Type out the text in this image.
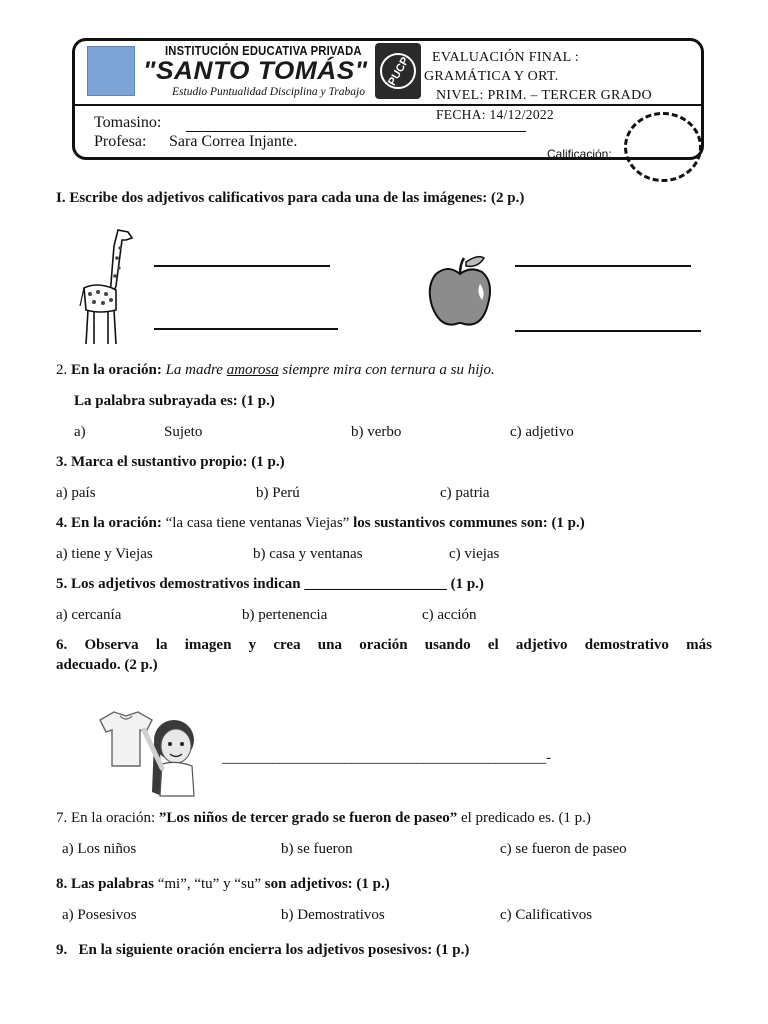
INSTITUCIÓN EDUCATIVA PRIVADA
"SANTO TOMÁS"
Estudio Puntualidad Disciplina y Trabajo
PUCP EVALUACIÓN FINAL :
GRAMÁTICA Y ORT.
NIVEL: PRIM. – TERCER GRADO
FECHA: 14/12/2022
Tomasino:
Profesa: Sara Correa Injante.
Calificación:
I. Escribe dos adjetivos calificativos para cada una de las imágenes: (2 p.)
2. En la oración: La madre amorosa siempre mira con ternura a su hijo.
La palabra subrayada es: (1 p.)
a)	Sujeto	b) verbo	c) adjetivo
3. Marca el sustantivo propio: (1 p.)
a) país	b) Perú	c) patria
4. En la oración: “la casa tiene ventanas Viejas” los sustantivos communes son: (1 p.)
a) tiene y Viejas	b) casa y ventanas	c) viejas
5. Los adjetivos demostrativos indican ___________________ (1 p.)
a) cercanía	b) pertenencia	c) acción
6. Observa la imagen y crea una oración usando el adjetivo demostrativo más
adecuado. (2 p.)
_____________________________________________-
7. En la oración: ”Los niños de tercer grado se fueron de paseo” el predicado es. (1 p.)
a) Los niños	b) se fueron	c) se fueron de paseo
8. Las palabras “mi”, “tu” y “su” son adjetivos: (1 p.)
a) Posesivos	b) Demostrativos	c) Calificativos
9.   En la siguiente oración encierra los adjetivos posesivos: (1 p.)
